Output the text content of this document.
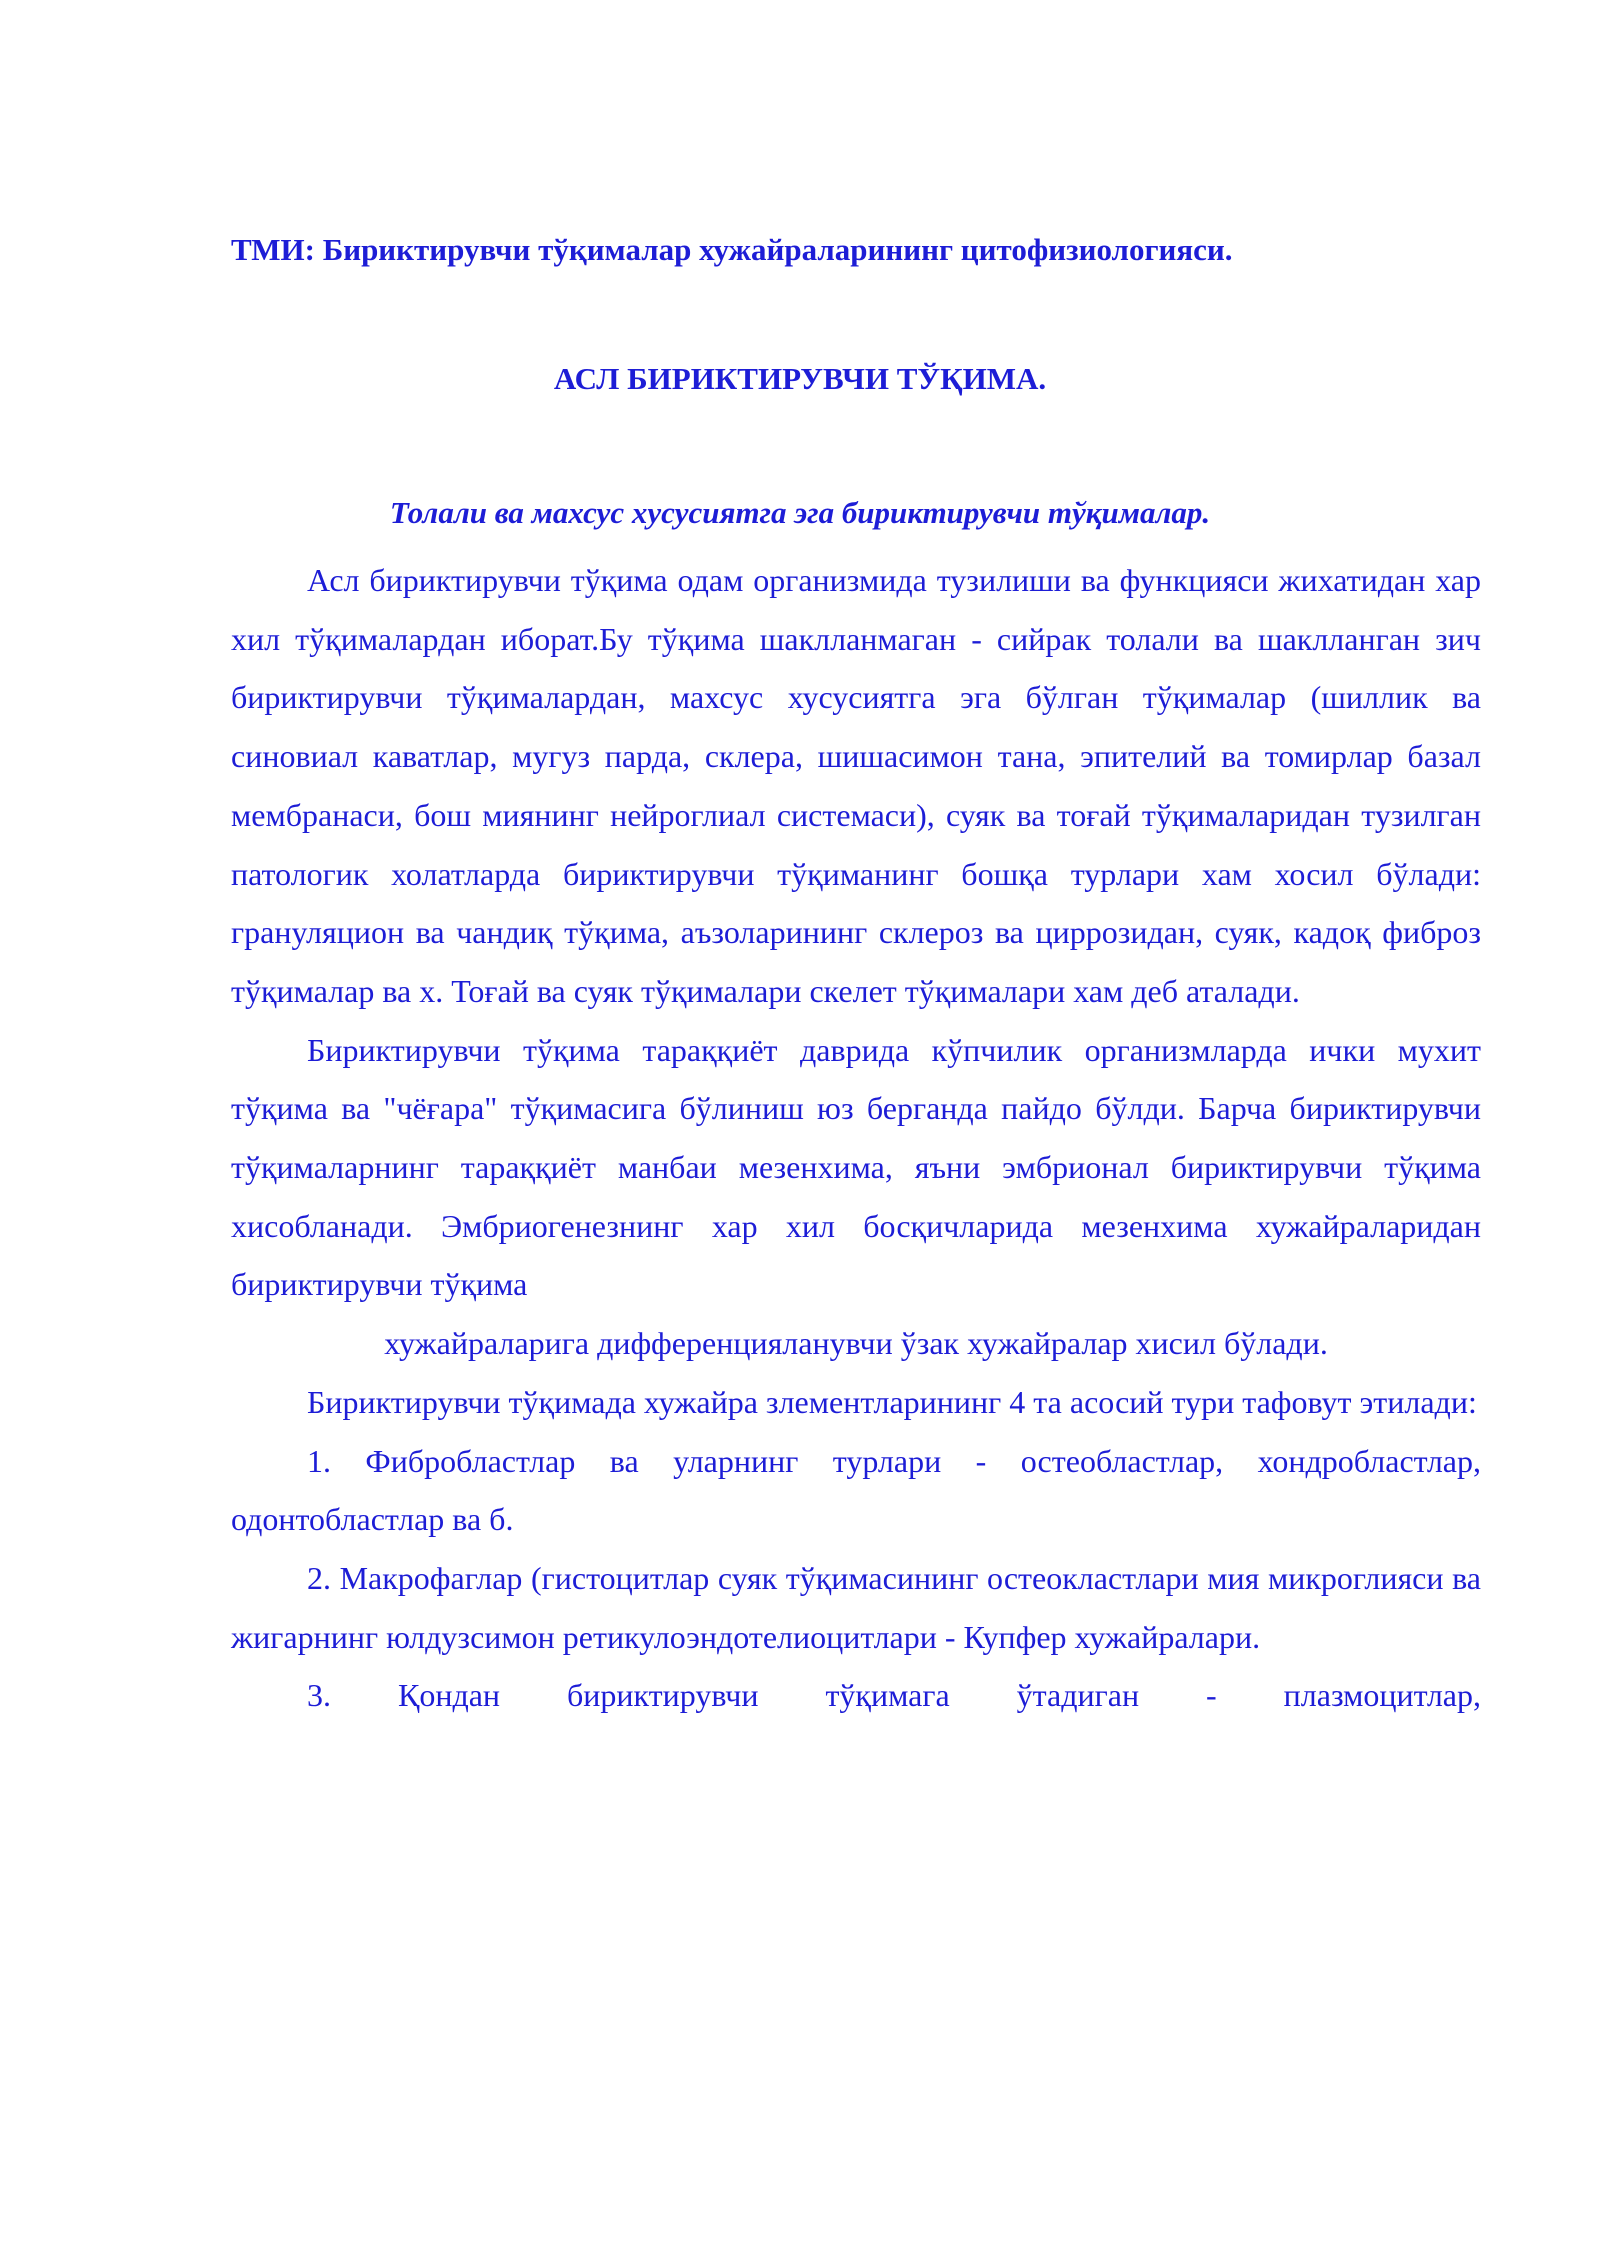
ТМИ: Бириктирувчи тўқималар хужайраларининг цитофизиологияси.
АСЛ БИРИКТИРУВЧИ ТЎҚИМА.
Толали ва махсус хусусиятга эга бириктирувчи тўқималар.

Асл бириктирувчи тўқима одам организмида тузилиши ва функцияси жихатидан хар хил тўқималардан иборат.Бу тўқима шаклланмаган - сийрак толали ва шаклланган зич бириктирувчи тўқималардан, махсус хусусиятга эга бўлган тўқималар (шиллик ва синовиал каватлар, мугуз парда, склера, шишасимон тана, эпителий ва томирлар базал мембранаси, бош миянинг нейроглиал системаси), суяк ва тоғай тўқималаридан тузилган патологик холатларда бириктирувчи тўқиманинг бошқа турлари хам хосил бўлади: грануляцион ва чандиқ тўқима, аъзоларининг склероз ва циррозидан, суяк, кадоқ фиброз тўқималар ва х. Тоғай ва суяк тўқималари скелет тўқималари хам деб аталади.

Бириктирувчи тўқима тараққиёт даврида кўпчилик организмларда ички мухит тўқима ва "чёғара" тўқимасига бўлиниш юз берганда пайдо бўлди. Барча бириктирувчи тўқималарнинг тараққиёт манбаи мезенхима, яъни эмбрионал бириктирувчи тўқима хисобланади. Эмбриогенезнинг хар хил босқичларида мезенхима хужайраларидан бириктирувчи тўқима

хужайраларига дифференцияланувчи ўзак хужайралар хисил бўлади.

Бириктирувчи тўқимада хужайра злементларининг 4 та асосий тури тафовут этилади:

1. Фибробластлар ва уларнинг турлари - остеобластлар, хондробластлар, одонтобластлар ва б.

2. Макрофаглар (гистоцитлар суяк тўқимасининг остеокластлари мия микроглияси ва жигарнинг юлдузсимон ретикулоэндотелиоцитлари - Купфер хужайралари.

3. Қондан бириктирувчи тўқимага ўтадиган - плазмоцитлар,
